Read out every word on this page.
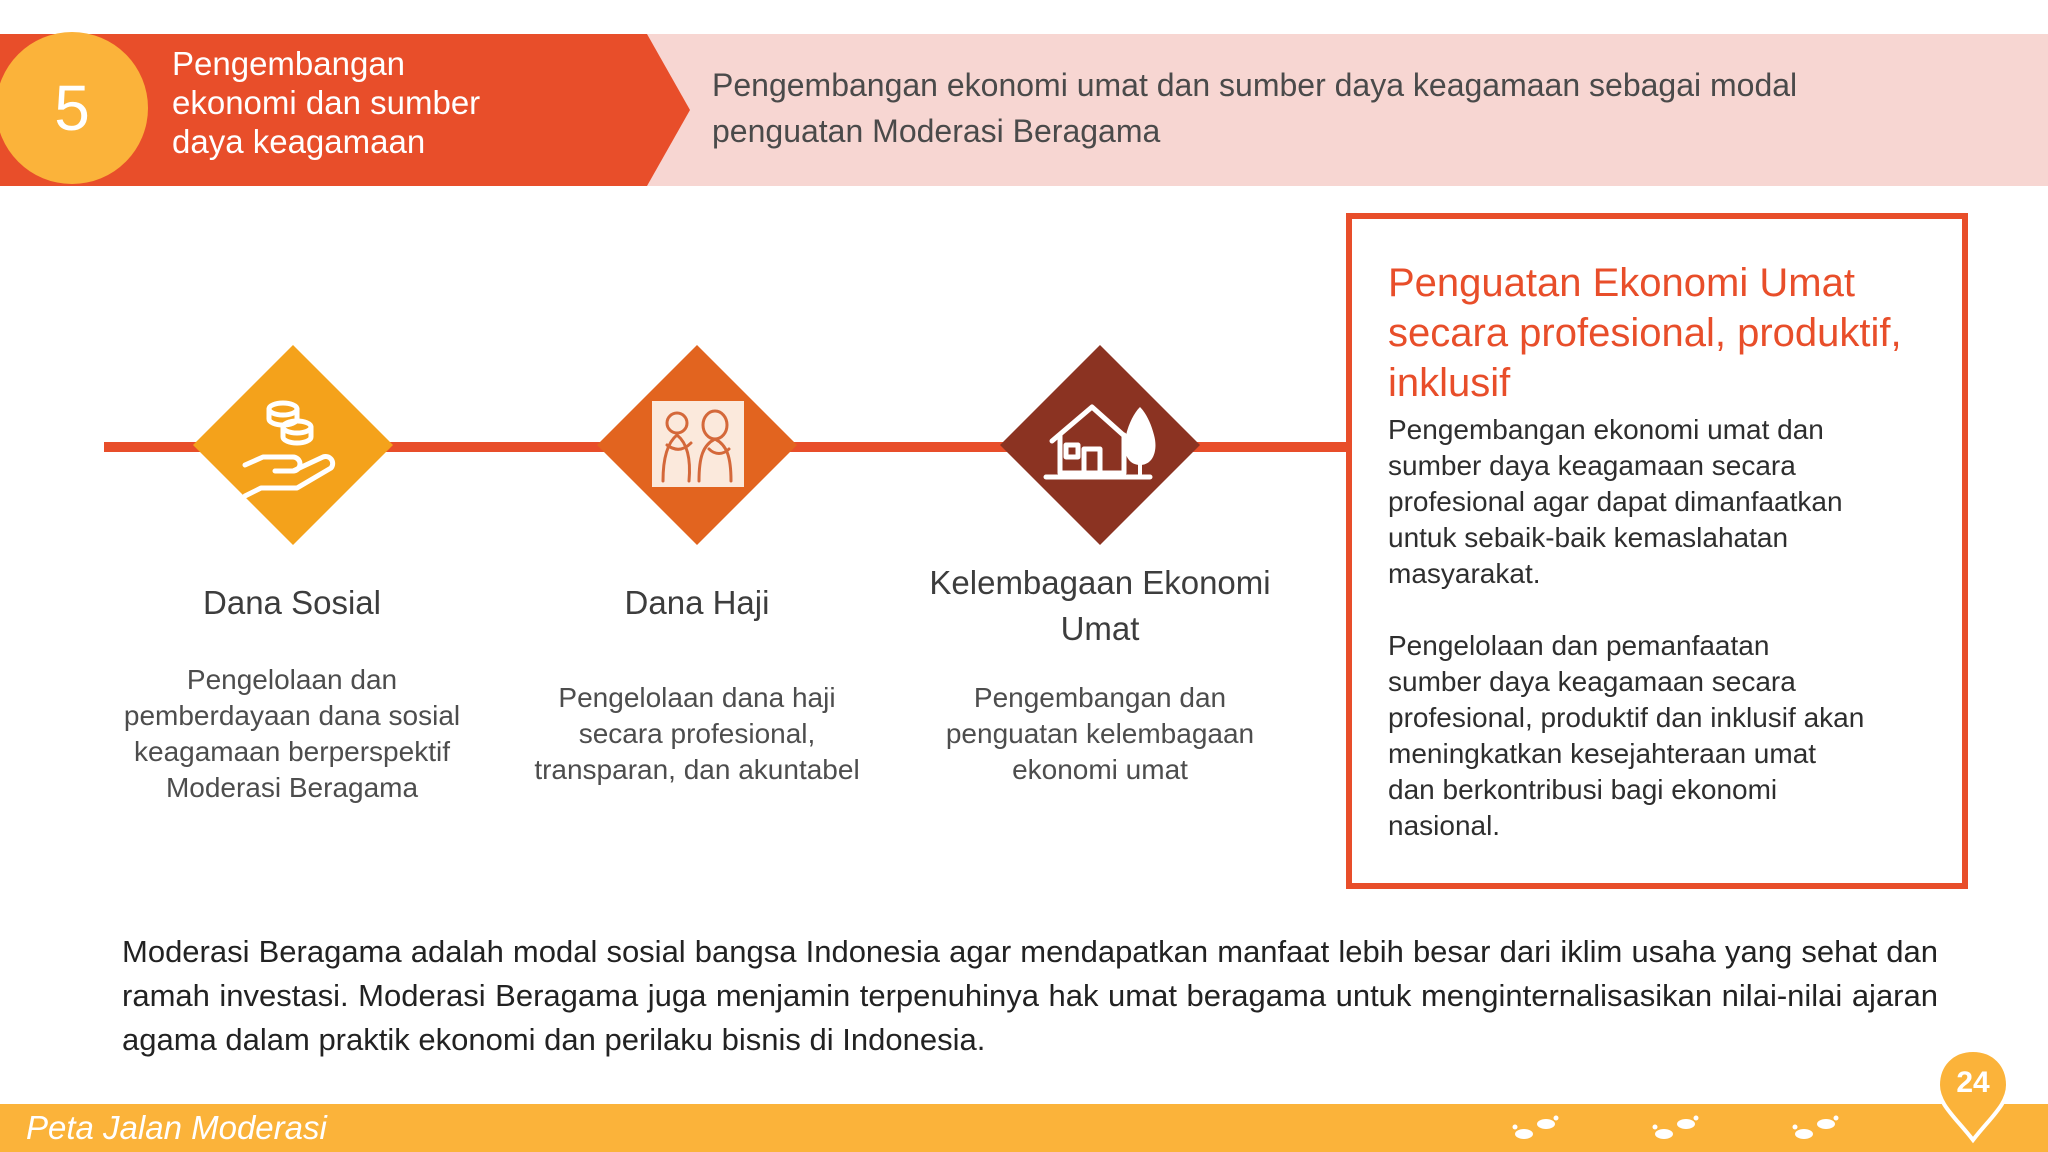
5
Pengembangan
ekonomi dan sumber
daya keagamaan
Pengembangan ekonomi umat dan sumber daya keagamaan sebagai modal
penguatan Moderasi Beragama
Dana Sosial
Pengelolaan dan
pemberdayaan dana sosial
keagamaan berperspektif
Moderasi Beragama
Dana Haji
Pengelolaan dana haji
secara profesional,
transparan, dan akuntabel
Kelembagaan Ekonomi
Umat
Pengembangan dan
penguatan kelembagaan
ekonomi umat
Penguatan Ekonomi Umat
secara profesional, produktif,
inklusif
Pengembangan ekonomi umat dan
sumber daya keagamaan secara
profesional agar dapat dimanfaatkan
untuk sebaik-baik kemaslahatan
masyarakat.
Pengelolaan dan pemanfaatan
sumber daya keagamaan secara
profesional, produktif dan inklusif akan
meningkatkan kesejahteraan umat
dan berkontribusi bagi ekonomi
nasional.
Moderasi Beragama adalah modal sosial bangsa Indonesia agar mendapatkan manfaat lebih besar dari iklim usaha yang sehat dan ramah investasi. Moderasi Beragama juga menjamin terpenuhinya hak umat beragama untuk menginternalisasikan nilai-nilai ajaran agama dalam praktik ekonomi dan perilaku bisnis di Indonesia.
Peta Jalan Moderasi
24
